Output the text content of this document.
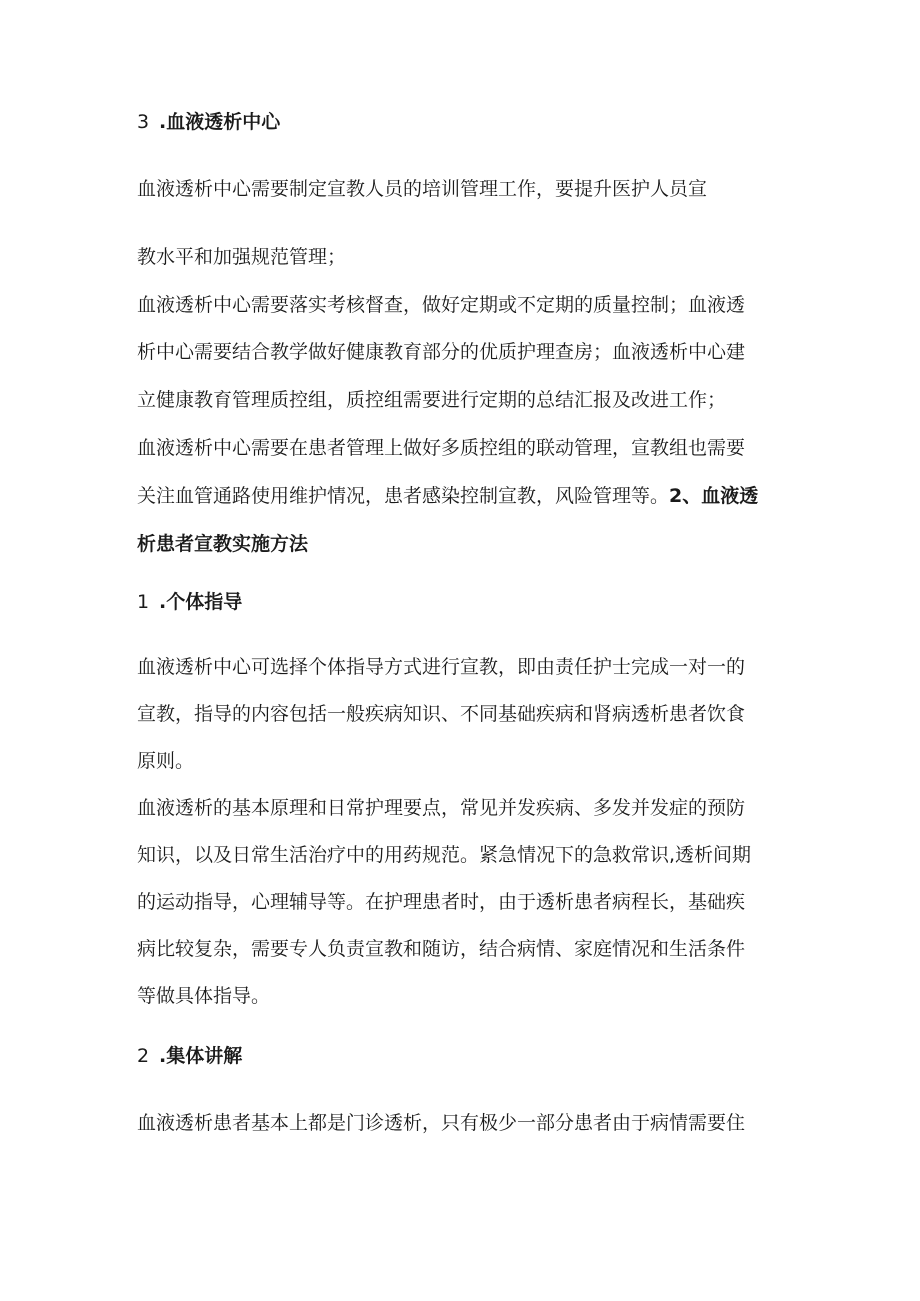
3 .血液透析中心
血液透析中心需要制定宣教人员的培训管理工作，要提升医护人员宣
教水平和加强规范管理；
血液透析中心需要落实考核督查，做好定期或不定期的质量控制；血液透
析中心需要结合教学做好健康教育部分的优质护理查房；血液透析中心建
立健康教育管理质控组，质控组需要进行定期的总结汇报及改进工作；
血液透析中心需要在患者管理上做好多质控组的联动管理，宣教组也需要
关注血管通路使用维护情况，患者感染控制宣教，风险管理等。2、血液透
析患者宣教实施方法
1 .个体指导
血液透析中心可选择个体指导方式进行宣教，即由责任护士完成一对一的
宣教，指导的内容包括一般疾病知识、不同基础疾病和肾病透析患者饮食
原则。
血液透析的基本原理和日常护理要点，常见并发疾病、多发并发症的预防
知识，以及日常生活治疗中的用药规范。紧急情况下的急救常识,透析间期
的运动指导，心理辅导等。在护理患者时，由于透析患者病程长，基础疾
病比较复杂，需要专人负责宣教和随访，结合病情、家庭情况和生活条件
等做具体指导。
2 .集体讲解
血液透析患者基本上都是门诊透析，只有极少一部分患者由于病情需要住
